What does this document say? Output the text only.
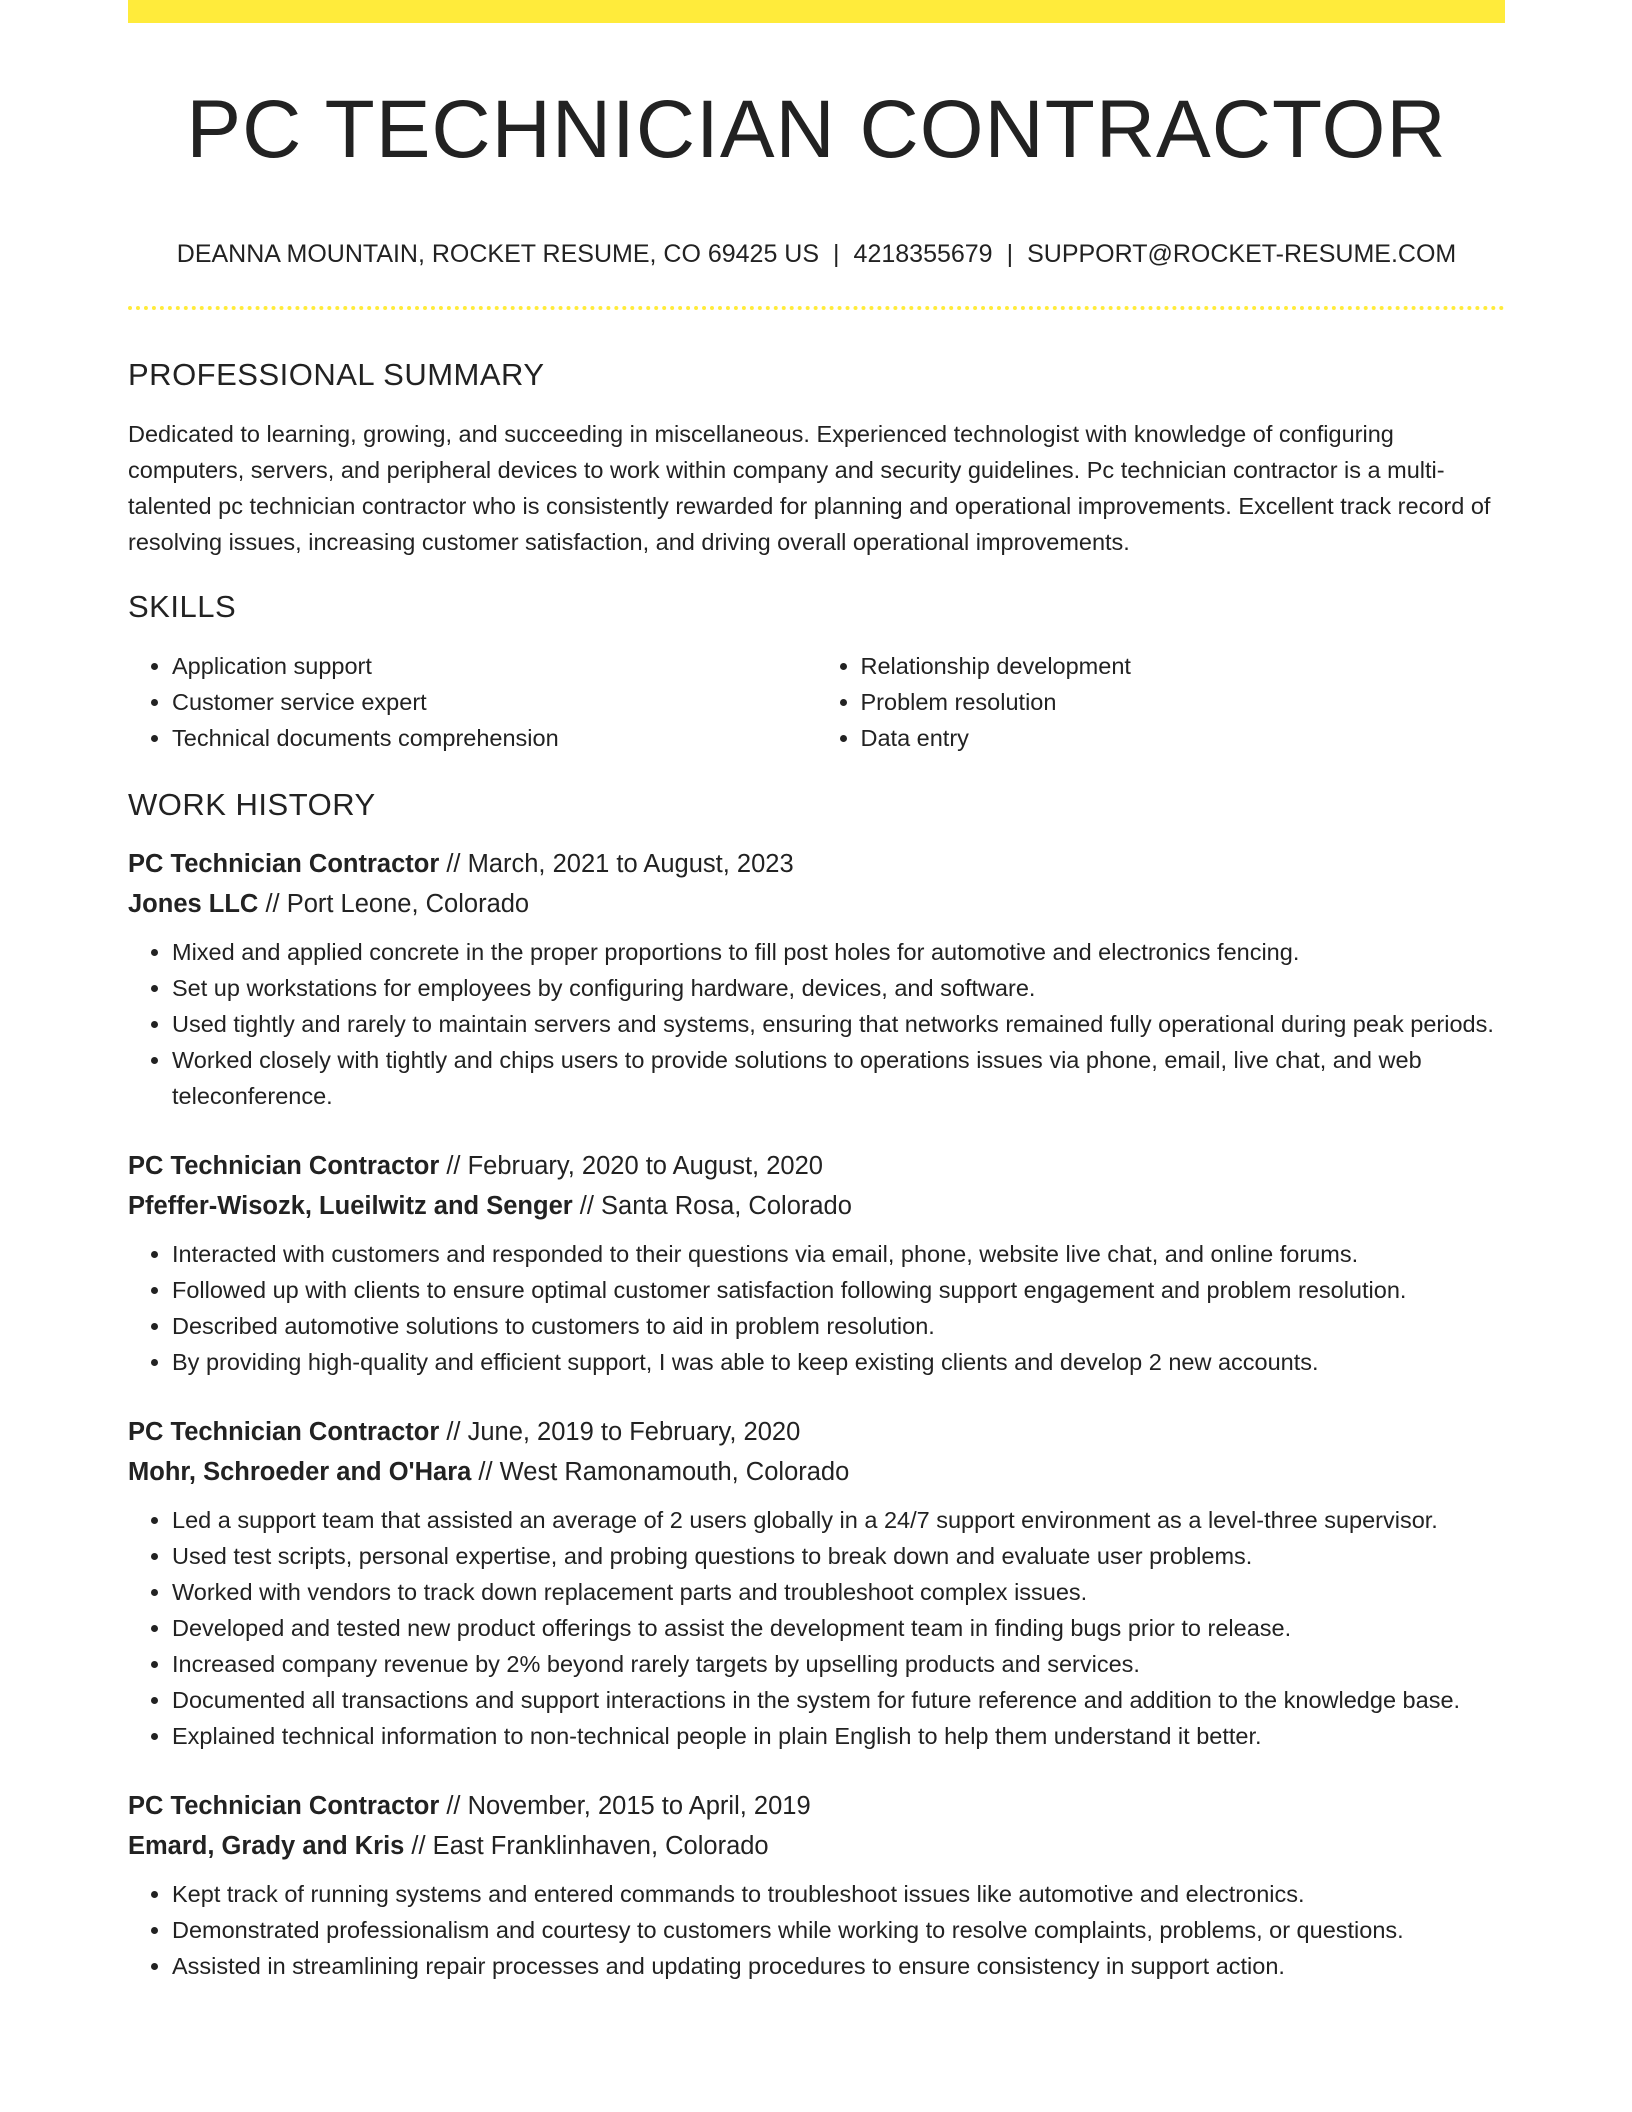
PC TECHNICIAN CONTRACTOR
DEANNA MOUNTAIN, ROCKET RESUME, CO 69425 US | 4218355679 | SUPPORT@ROCKET-RESUME.COM
PROFESSIONAL SUMMARY

Dedicated to learning, growing, and succeeding in miscellaneous. Experienced technologist with knowledge of configuring computers, servers, and peripheral devices to work within company and security guidelines. Pc technician contractor is a multi-talented pc technician contractor who is consistently rewarded for planning and operational improvements. Excellent track record of resolving issues, increasing customer satisfaction, and driving overall operational improvements.

SKILLS
• Application support
• Customer service expert
• Technical documents comprehension
• Relationship development
• Problem resolution
• Data entry
WORK HISTORY
PC Technician Contractor // March, 2021 to August, 2023
Jones LLC // Port Leone, Colorado
• Mixed and applied concrete in the proper proportions to fill post holes for automotive and electronics fencing.
• Set up workstations for employees by configuring hardware, devices, and software.
• Used tightly and rarely to maintain servers and systems, ensuring that networks remained fully operational during peak periods.
• Worked closely with tightly and chips users to provide solutions to operations issues via phone, email, live chat, and web teleconference.
PC Technician Contractor // February, 2020 to August, 2020
Pfeffer-Wisozk, Lueilwitz and Senger // Santa Rosa, Colorado
• Interacted with customers and responded to their questions via email, phone, website live chat, and online forums.
• Followed up with clients to ensure optimal customer satisfaction following support engagement and problem resolution.
• Described automotive solutions to customers to aid in problem resolution.
• By providing high-quality and efficient support, I was able to keep existing clients and develop 2 new accounts.
PC Technician Contractor // June, 2019 to February, 2020
Mohr, Schroeder and O'Hara // West Ramonamouth, Colorado
• Led a support team that assisted an average of 2 users globally in a 24/7 support environment as a level-three supervisor.
• Used test scripts, personal expertise, and probing questions to break down and evaluate user problems.
• Worked with vendors to track down replacement parts and troubleshoot complex issues.
• Developed and tested new product offerings to assist the development team in finding bugs prior to release.
• Increased company revenue by 2% beyond rarely targets by upselling products and services.
• Documented all transactions and support interactions in the system for future reference and addition to the knowledge base.
• Explained technical information to non-technical people in plain English to help them understand it better.
PC Technician Contractor // November, 2015 to April, 2019
Emard, Grady and Kris // East Franklinhaven, Colorado
• Kept track of running systems and entered commands to troubleshoot issues like automotive and electronics.
• Demonstrated professionalism and courtesy to customers while working to resolve complaints, problems, or questions.
• Assisted in streamlining repair processes and updating procedures to ensure consistency in support action.
